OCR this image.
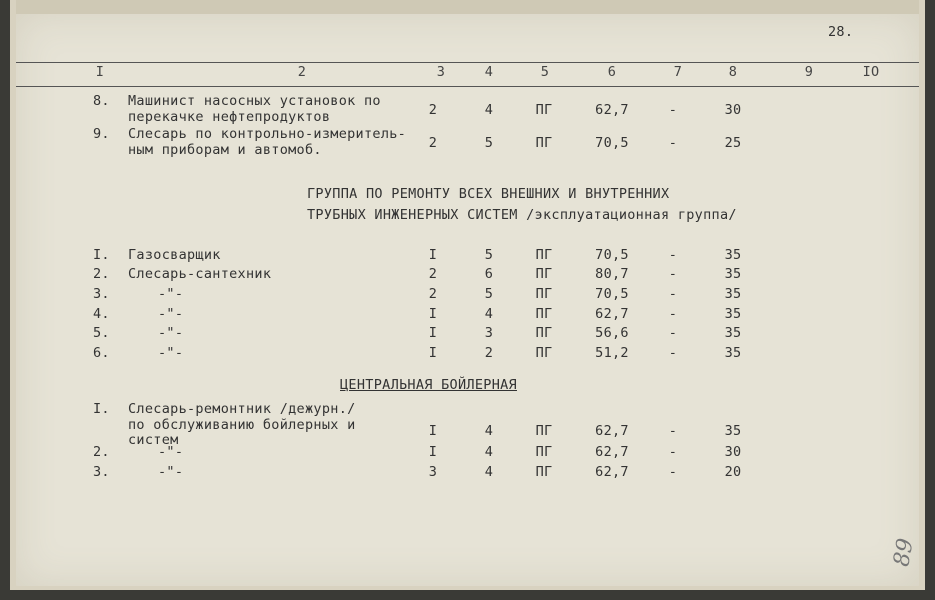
28.
I	2	3	4	5	6	7	8	9	IO
8. Машинист насосных установок по
перекачке нефтепродуктов	2	4	ПГ	62,7	-	30
9. Слесарь по контрольно-измеритель-
ным приборам и автомоб.	2	5	ПГ	70,5	-	25
ГРУППА ПО РЕМОНТУ ВСЕХ ВНЕШНИХ И ВНУТРЕННИХ
ТРУБНЫХ ИНЖЕНЕРНЫХ СИСТЕМ /эксплуатационная группа/
I. Газосварщик	I	5	ПГ	70,5	-	35
2. Слесарь-сантехник	2	6	ПГ	80,7	-	35
3.	-"-	2	5	ПГ	70,5	-	35
4.	-"-	I	4	ПГ	62,7	-	35
5.	-"-	I	3	ПГ	56,6	-	35
6.	-"-	I	2	ПГ	51,2	-	35
ЦЕНТРАЛЬНАЯ БОЙЛЕРНАЯ
I. Слесарь-ремонтник /дежурн./
по обслуживанию бойлерных и
систем
I	4	ПГ	62,7	-	35
2.	-"-	I	4	ПГ	62,7	-	30
3.	-"-	3	4	ПГ	62,7	-	20
89
